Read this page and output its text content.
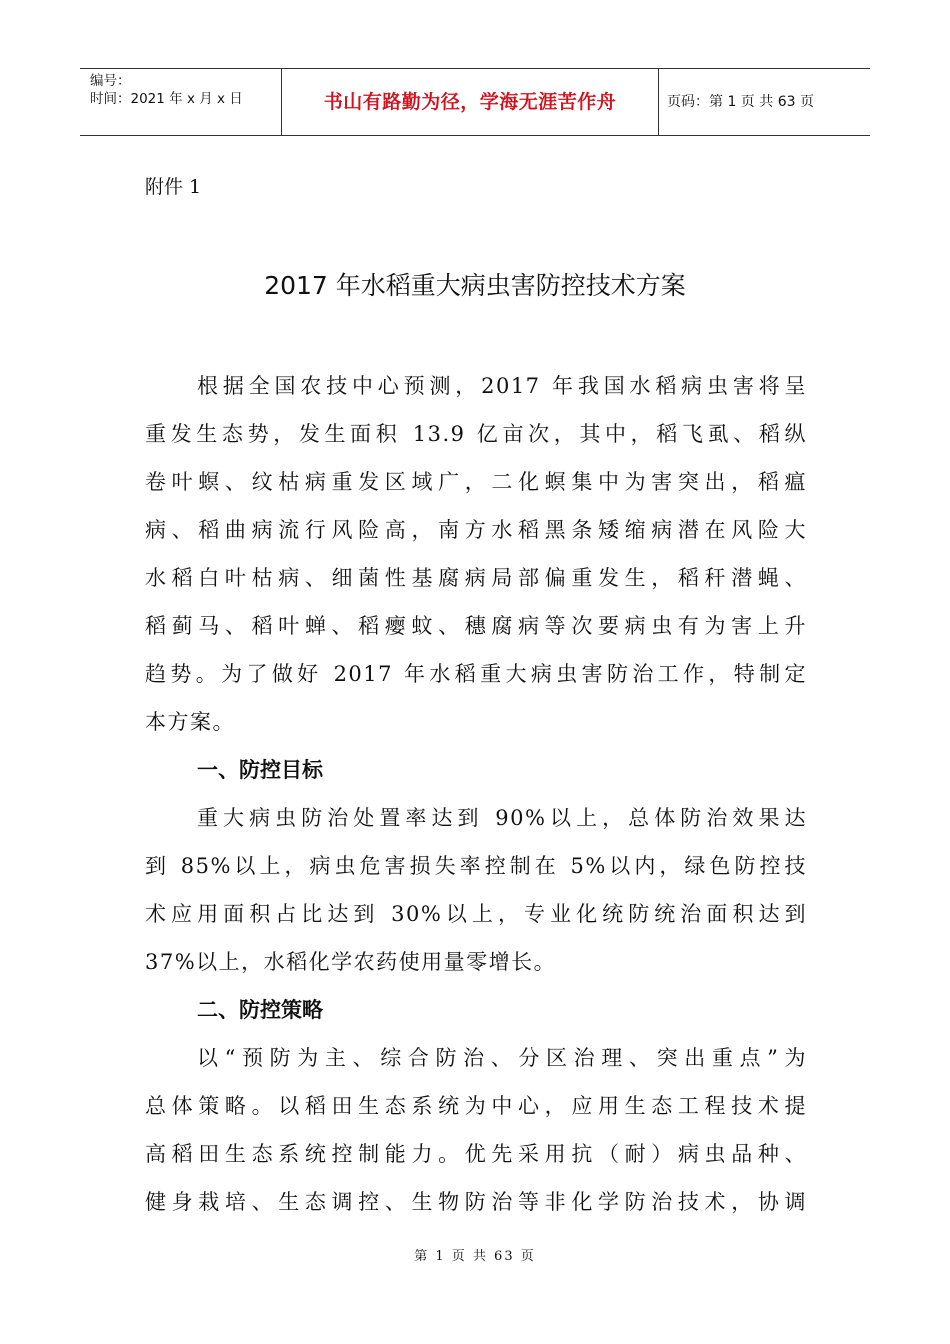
编号：
时间：2021 年 x 月 x 日	书山有路勤为径，学海无涯苦作舟	页码：第 1 页 共 63 页
附件 1
2017 年水稻重大病虫害防控技术方案
根据全国农技中心预测，2017 年我国水稻病虫害将呈
重发生态势，发生面积 13.9 亿亩次，其中，稻飞虱、稻纵
卷叶螟、纹枯病重发区域广，二化螟集中为害突出，稻瘟
病、稻曲病流行风险高，南方水稻黑条矮缩病潜在风险大
水稻白叶枯病、细菌性基腐病局部偏重发生，稻秆潜蝇、
稻蓟马、稻叶蝉、稻瘿蚊、穗腐病等次要病虫有为害上升
趋势。为了做好 2017 年水稻重大病虫害防治工作，特制定
本方案。
一、防控目标
重大病虫防治处置率达到 90%以上，总体防治效果达
到 85%以上，病虫危害损失率控制在 5%以内，绿色防控技
术应用面积占比达到 30%以上，专业化统防统治面积达到
37%以上，水稻化学农药使用量零增长。
二、防控策略
以“预防为主、综合防治、分区治理、突出重点”为
总体策略。以稻田生态系统为中心，应用生态工程技术提
高稻田生态系统控制能力。优先采用抗（耐）病虫品种、
健身栽培、生态调控、生物防治等非化学防治技术，协调
第 1 页 共 63 页
